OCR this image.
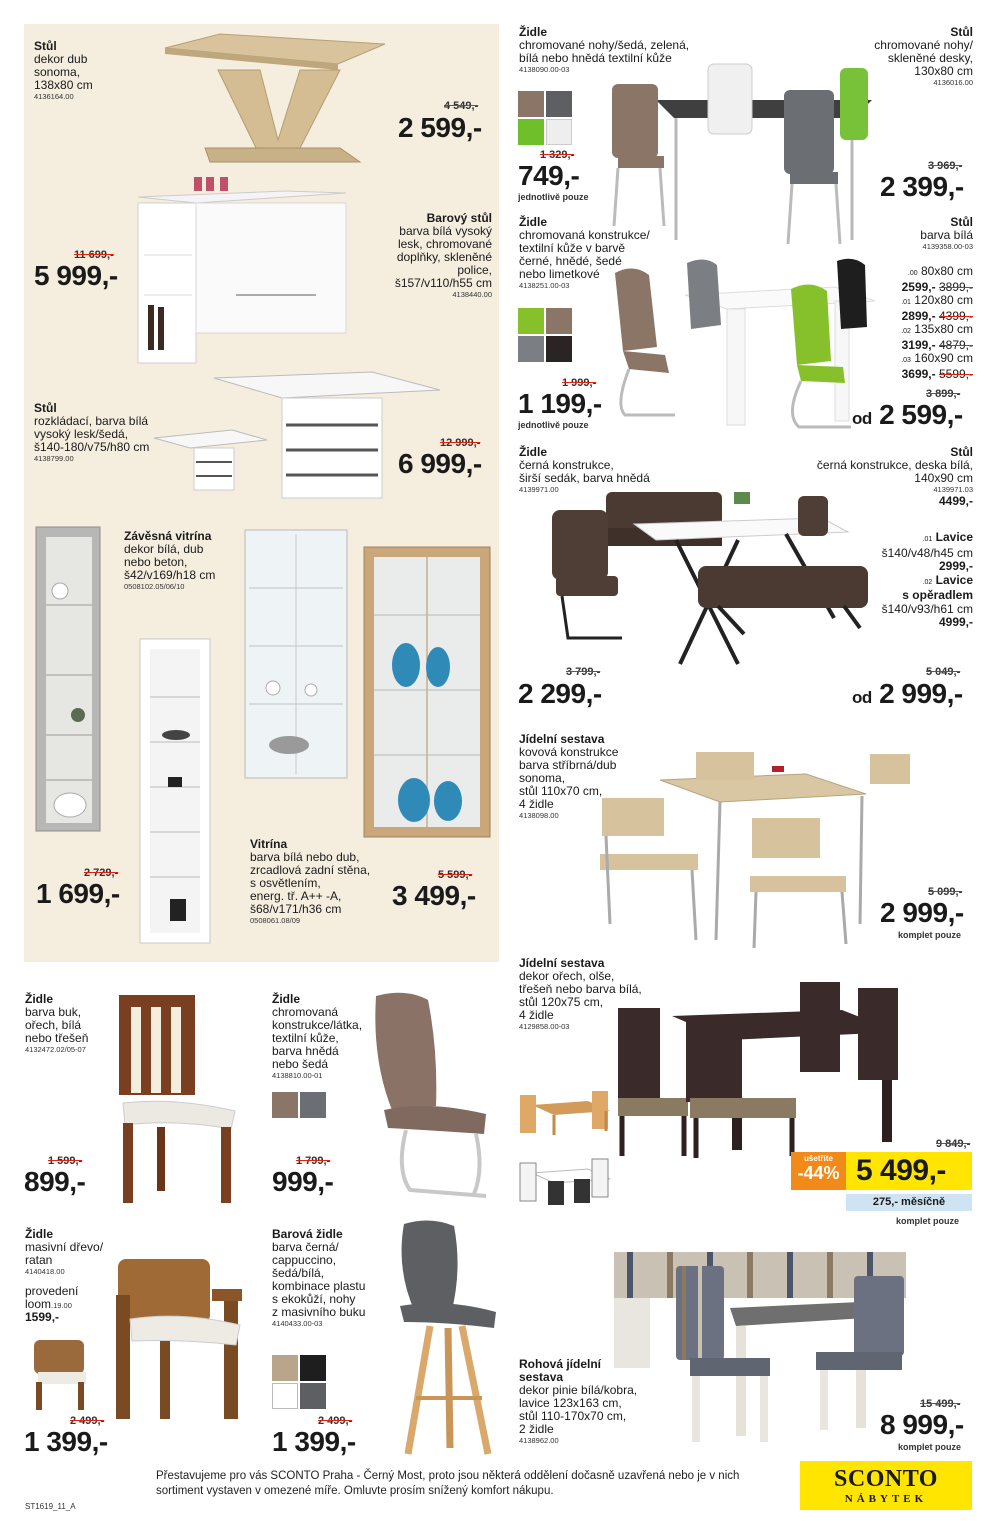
Stůl
dekor dub
sonoma,
138x80 cm
4136164.00
4 549,-
2 599,-
11 699,-
5 999,-
Barový stůl
barva bílá vysoký
lesk, chromované
doplňky, skleněné
police,
š157/v110/h55 cm
4138440.00
Stůl
rozkládací, barva bílá
vysoký lesk/šedá,
š140-180/v75/h80 cm
4138799.00
12 999,-
6 999,-
Závěsná vitrína
dekor bílá, dub
nebo beton,
š42/v169/h18 cm
0508102.05/06/10
2 729,-
1 699,-
Vitrína
barva bílá nebo dub,
zrcadlová zadní stěna,
s osvětlením,
energ. tř. A++ -A,
š68/v171/h36 cm
0508061.08/09
5 599,-
3 499,-
Židle
chromované nohy/šedá, zelená,
bílá nebo hnědá textilní kůže
4138090.00-03
1 329,-
749,-
jednotlivě pouze
Stůl
chromované nohy/
skleněné desky,
130x80 cm
4136016.00
3 969,-
2 399,-
Židle
chromovaná konstrukce/
textilní kůže v barvě
černé, hnědé, šedé
nebo limetkové
4138251.00-03
1 999,-
1 199,-
jednotlivě pouze
Stůl
barva bílá
4139358.00-03
.00 80x80 cm
2599,- 3899,-
.01 120x80 cm
2899,- 4399,-
.02 135x80 cm
3199,- 4879,-
.03 160x90 cm
3699,- 5599,-
3 899,-
od 2 599,-
Židle
černá konstrukce,
širší sedák, barva hnědá
4139971.00
3 799,-
2 299,-
Stůl
černá konstrukce, deska bílá,
140x90 cm
4139971.03
4499,-
.01 Lavice
š140/v48/h45 cm
2999,-
.02 Lavice
s opěradlem
š140/v93/h61 cm
4999,-
5 049,-
od 2 999,-
Jídelní sestava
kovová konstrukce
barva stříbrná/dub
sonoma,
stůl 110x70 cm,
4 židle
4138098.00
5 099,-
2 999,-
komplet pouze
Jídelní sestava
dekor ořech, olše,
třešeň nebo barva bílá,
stůl 120x75 cm,
4 židle
4129858.00-03
9 849,-
ušetříte
-44% 5 499,-
275,- měsíčně
komplet pouze
Židle
barva buk,
ořech, bílá
nebo třešeň
4132472.02/05-07
1 599,-
899,-
Židle
chromovaná
konstrukce/látka,
textilní kůže,
barva hnědá
nebo šedá
4138810.00-01
1 799,-
999,-
Židle
masivní dřevo/
ratan
4140418.00
provedení
loom.19.00
1599,-
2 499,-
1 399,-
Barová židle
barva černá/
cappuccino,
šedá/bílá,
kombinace plastu
s ekokůží, nohy
z masivního buku
4140433.00-03
2 499,-
1 399,-
Rohová jídelní
sestava
dekor pinie bílá/kobra,
lavice 123x163 cm,
stůl 110-170x70 cm,
2 židle
4138962.00
15 499,-
8 999,-
komplet pouze
Přestavujeme pro vás SCONTO Praha - Černý Most, proto jsou některá oddělení dočasně uzavřená nebo je v nich sortiment vystaven v omezené míře. Omluvte prosím snížený komfort nákupu.
ST1619_11_A
SCONTO
NÁBYTEK
